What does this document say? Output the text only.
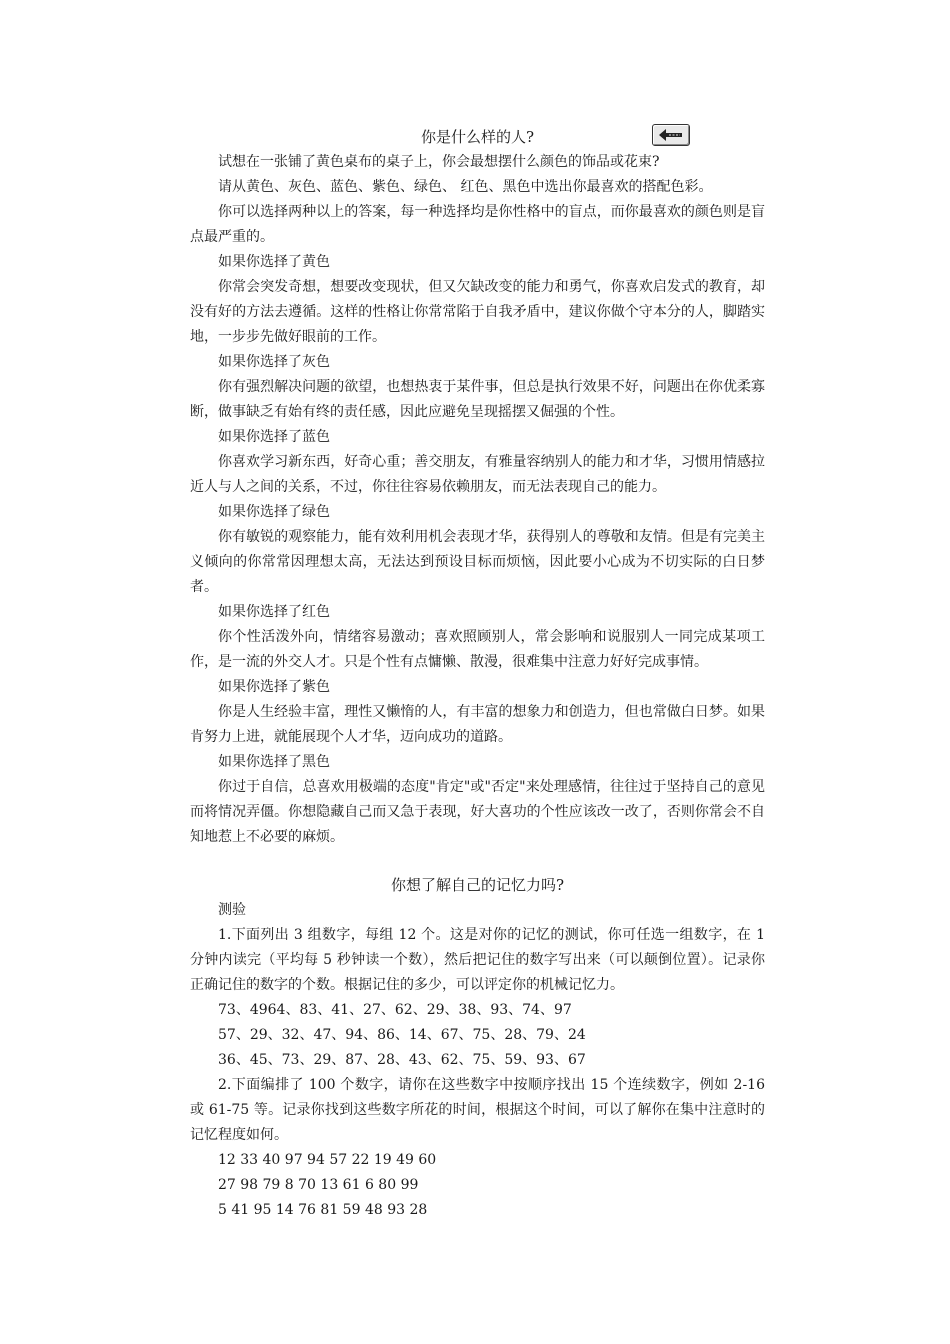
你是什么样的人?

试想在一张铺了黄色桌布的桌子上，你会最想摆什么颜色的饰品或花束?

请从黄色、灰色、蓝色、紫色、绿色、 红色、黑色中选出你最喜欢的搭配色彩。

你可以选择两种以上的答案，每一种选择均是你性格中的盲点，而你最喜欢的颜色则是盲点最严重的。

如果你选择了黄色

你常会突发奇想，想要改变现状，但又欠缺改变的能力和勇气，你喜欢启发式的教育，却没有好的方法去遵循。这样的性格让你常常陷于自我矛盾中，建议你做个守本分的人，脚踏实地，一步步先做好眼前的工作。

如果你选择了灰色

你有强烈解决问题的欲望，也想热衷于某件事，但总是执行效果不好，问题出在你优柔寡断，做事缺乏有始有终的责任感，因此应避免呈现摇摆又倔强的个性。

如果你选择了蓝色

你喜欢学习新东西，好奇心重；善交朋友，有雅量容纳别人的能力和才华，习惯用情感拉近人与人之间的关系，不过，你往往容易依赖朋友，而无法表现自己的能力。

如果你选择了绿色

你有敏锐的观察能力，能有效利用机会表现才华，获得别人的尊敬和友情。但是有完美主义倾向的你常常因理想太高，无法达到预设目标而烦恼，因此要小心成为不切实际的白日梦者。

如果你选择了红色

你个性活泼外向，情绪容易激动；喜欢照顾别人，常会影响和说服别人一同完成某项工作，是一流的外交人才。只是个性有点慵懒、散漫，很难集中注意力好好完成事情。

如果你选择了紫色

你是人生经验丰富，理性又懒惰的人，有丰富的想象力和创造力，但也常做白日梦。如果肯努力上进，就能展现个人才华，迈向成功的道路。

如果你选择了黑色

你过于自信，总喜欢用极端的态度"肯定"或"否定"来处理感情，往往过于坚持自己的意见而将情况弄僵。你想隐藏自己而又急于表现，好大喜功的个性应该改一改了，否则你常会不自知地惹上不必要的麻烦。

你想了解自己的记忆力吗?

测验

1.下面列出 3 组数字，每组 12 个。这是对你的记忆的测试，你可任选一组数字，在 1 分钟内读完（平均每 5 秒钟读一个数），然后把记住的数字写出来（可以颠倒位置）。记录你正确记住的数字的个数。根据记住的多少，可以评定你的机械记忆力。

73、4964、83、41、27、62、29、38、93、74、97

57、29、32、47、94、86、14、67、75、28、79、24

36、45、73、29、87、28、43、62、75、59、93、67

2.下面编排了 100 个数字，请你在这些数字中按顺序找出 15 个连续数字，例如 2-16 或 61-75 等。记录你找到这些数字所花的时间，根据这个时间，可以了解你在集中注意时的记忆程度如何。

12 33 40 97 94 57 22 19 49 60

27 98 79 8 70 13 61 6 80 99

5 41 95 14 76 81 59 48 93 28
